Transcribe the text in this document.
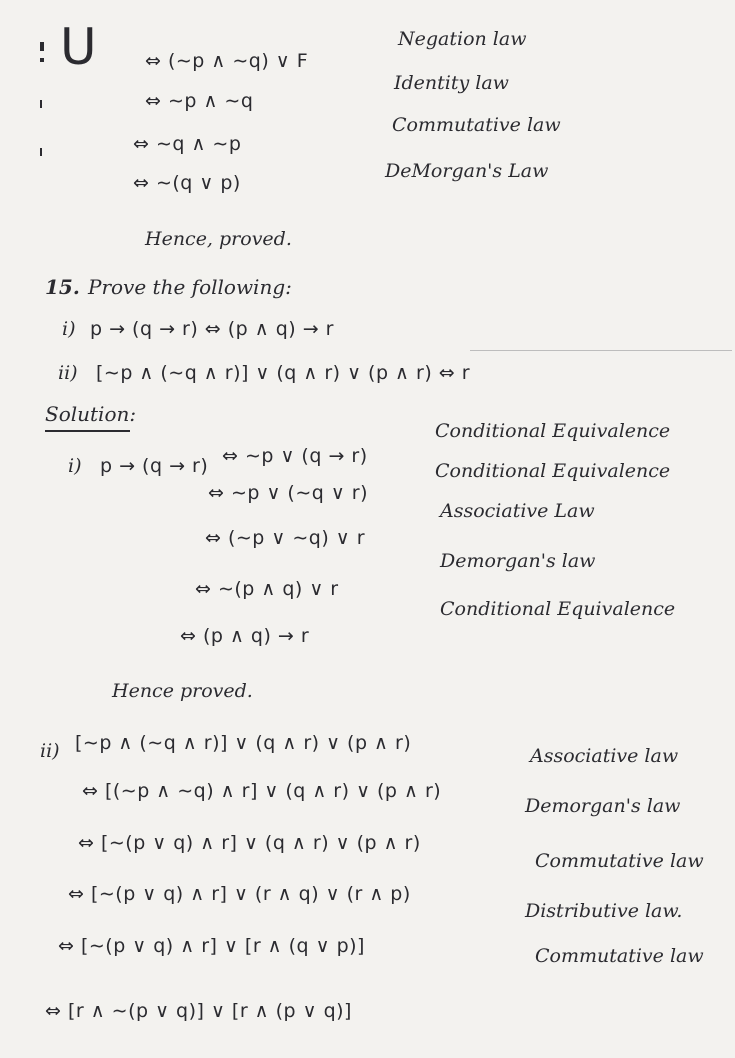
U	⇔ (∼p ∧ ∼q) ∨ F
Negation law
⇔ ∼p ∧ ∼q
Identity law
⇔ ∼q ∧ ∼p
Commutative law
⇔ ∼(q ∨ p)
DeMorgan's Law
Hence, proved.
15. Prove the following:
i) p → (q → r) ⇔ (p ∧ q) → r
ii) [∼p ∧ (∼q ∧ r)] ∨ (q ∧ r) ∨ (p ∧ r) ⇔ r
Solution:
i) p → (q → r) ⇔ ∼p ∨ (q → r)
Conditional Equivalence
⇔ ∼p ∨ (∼q ∨ r)
Conditional Equivalence
⇔ (∼p ∨ ∼q) ∨ r
Associative Law
⇔ ∼(p ∧ q) ∨ r
Demorgan's law
⇔ (p ∧ q) → r
Conditional Equivalence
Hence proved.
ii) [∼p ∧ (∼q ∧ r)] ∨ (q ∧ r) ∨ (p ∧ r)
⇔ [(∼p ∧ ∼q) ∧ r] ∨ (q ∧ r) ∨ (p ∧ r)
Associative law
⇔ [∼(p ∨ q) ∧ r] ∨ (q ∧ r) ∨ (p ∧ r)
Demorgan's law
⇔ [∼(p ∨ q) ∧ r] ∨ (r ∧ q) ∨ (r ∧ p)
Commutative law
⇔ [∼(p ∨ q) ∧ r] ∨ [r ∧ (q ∨ p)]
Distributive law.
⇔ [r ∧ ∼(p ∨ q)] ∨ [r ∧ (p ∨ q)]
Commutative law
